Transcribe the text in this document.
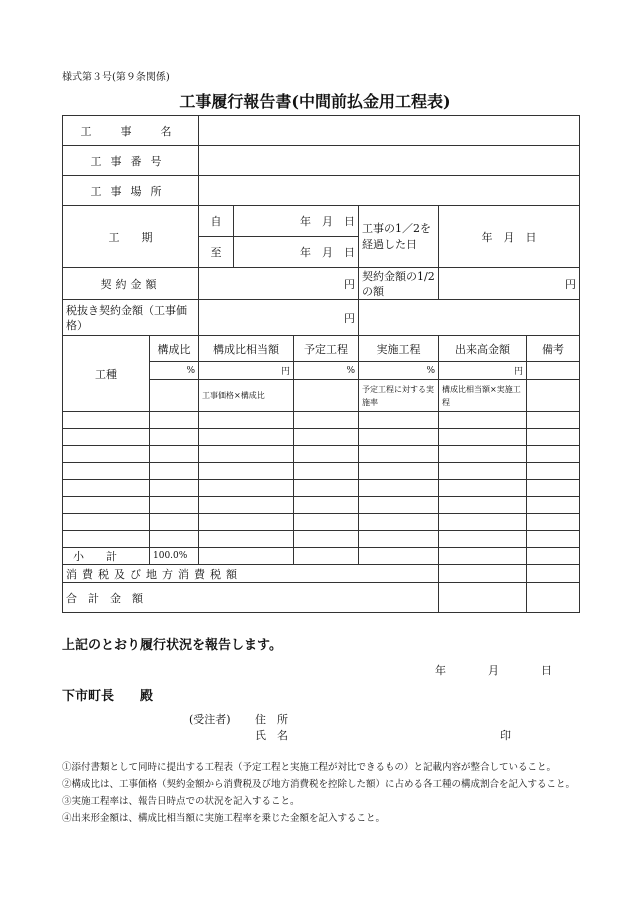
様式第３号(第９条関係)
工事履行報告書(中間前払金用工程表)
工　事　名							
工事番号							
工事場所							
工　　期		自	年　月　日		工事の1／2を経過した日	年　月　日	
		至	年　月　日				
契約金額		円			契約金額の1/2の額	円	
税抜き契約金額（工事価格）		円					
工種	構成比	構成比相当額		予定工程	実施工程	出来高金額	備考
	%	円		%	%	円	
		工事価格×構成比			予定工程に対する実施率	構成比相当額×実施工程	

小　　計	100.0%						
消費税及び地方消費税額							
合　計　金　額							
上記のとおり履行状況を報告します。
年	月	日
下市町長　　殿
(受注者) 住　所
氏　名	印
①添付書類として同時に提出する工程表（予定工程と実施工程が対比できるもの）と記載内容が整合していること。
②構成比は、工事価格（契約金額から消費税及び地方消費税を控除した額）に占める各工種の構成割合を記入すること。
③実施工程率は、報告日時点での状況を記入すること。
④出来形金額は、構成比相当額に実施工程率を乗じた金額を記入すること。
